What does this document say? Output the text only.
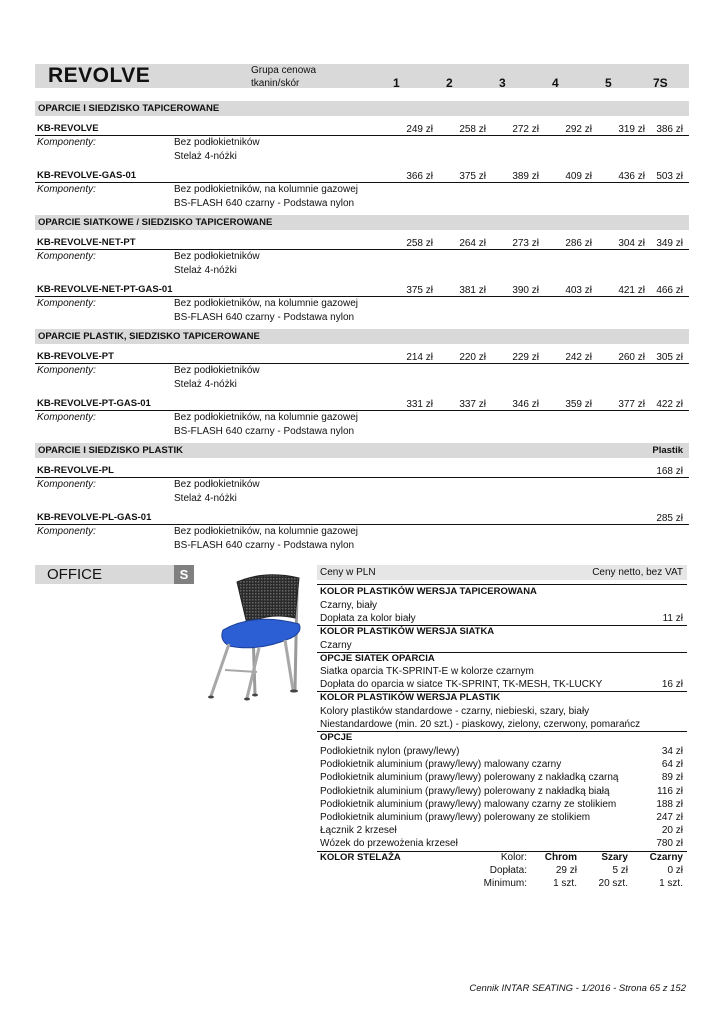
REVOLVE	Grupa cenowa
tkanin/skór	1	2	3	4	5	7S
OPARCIE I SIEDZISKO TAPICEROWANE
KB-REVOLVE	249 zł	258 zł	272 zł	292 zł	319 zł	386 zł
Komponenty:	Bez podłokietników
Stelaż 4-nóżki
KB-REVOLVE-GAS-01	366 zł	375 zł	389 zł	409 zł	436 zł	503 zł
Komponenty:	Bez podłokietników, na kolumnie gazowej
BS-FLASH 640 czarny - Podstawa nylon
OPARCIE SIATKOWE / SIEDZISKO TAPICEROWANE
KB-REVOLVE-NET-PT	258 zł	264 zł	273 zł	286 zł	304 zł	349 zł
Komponenty:	Bez podłokietników
Stelaż 4-nóżki
KB-REVOLVE-NET-PT-GAS-01	375 zł	381 zł	390 zł	403 zł	421 zł	466 zł
Komponenty:	Bez podłokietników, na kolumnie gazowej
BS-FLASH 640 czarny - Podstawa nylon
OPARCIE PLASTIK, SIEDZISKO TAPICEROWANE
KB-REVOLVE-PT	214 zł	220 zł	229 zł	242 zł	260 zł	305 zł
Komponenty:	Bez podłokietników
Stelaż 4-nóżki
KB-REVOLVE-PT-GAS-01	331 zł	337 zł	346 zł	359 zł	377 zł	422 zł
Komponenty:	Bez podłokietników, na kolumnie gazowej
BS-FLASH 640 czarny - Podstawa nylon
OPARCIE I SIEDZISKO PLASTIK	Plastik
KB-REVOLVE-PL	168 zł
Komponenty:	Bez podłokietników
Stelaż 4-nóżki
KB-REVOLVE-PL-GAS-01	285 zł
Komponenty:	Bez podłokietników, na kolumnie gazowej
BS-FLASH 640 czarny - Podstawa nylon
OFFICE	S	Ceny w PLN	Ceny netto, bez VAT
KOLOR PLASTIKÓW WERSJA TAPICEROWANA
Czarny, biały
Dopłata za kolor biały	11 zł
KOLOR PLASTIKÓW WERSJA SIATKA
Czarny
OPCJE SIATEK OPARCIA
Siatka oparcia TK-SPRINT-E w kolorze czarnym
Dopłata do oparcia w siatce TK-SPRINT, TK-MESH, TK-LUCKY	16 zł
KOLOR PLASTIKÓW WERSJA PLASTIK
Kolory plastików standardowe - czarny, niebieski, szary, biały
Niestandardowe (min. 20 szt.) - piaskowy, zielony, czerwony, pomarańcz
OPCJE
Podłokietnik nylon (prawy/lewy)	34 zł
Podłokietnik aluminium (prawy/lewy) malowany czarny	64 zł
Podłokietnik aluminium (prawy/lewy) polerowany z nakładką czarną	89 zł
Podłokietnik aluminium (prawy/lewy) polerowany z nakładką białą	116 zł
Podłokietnik aluminium (prawy/lewy) malowany czarny ze stolikiem	188 zł
Podłokietnik aluminium (prawy/lewy) polerowany ze stolikiem	247 zł
Łącznik 2 krzeseł	20 zł
Wózek do przewożenia krzeseł	780 zł
KOLOR STELAŻA	Kolor:	Chrom	Szary	Czarny
Dopłata:	29 zł	5 zł	0 zł
Minimum:	1 szt.	20 szt.	1 szt.
Cennik INTAR SEATING - 1/2016 - Strona 65 z 152
